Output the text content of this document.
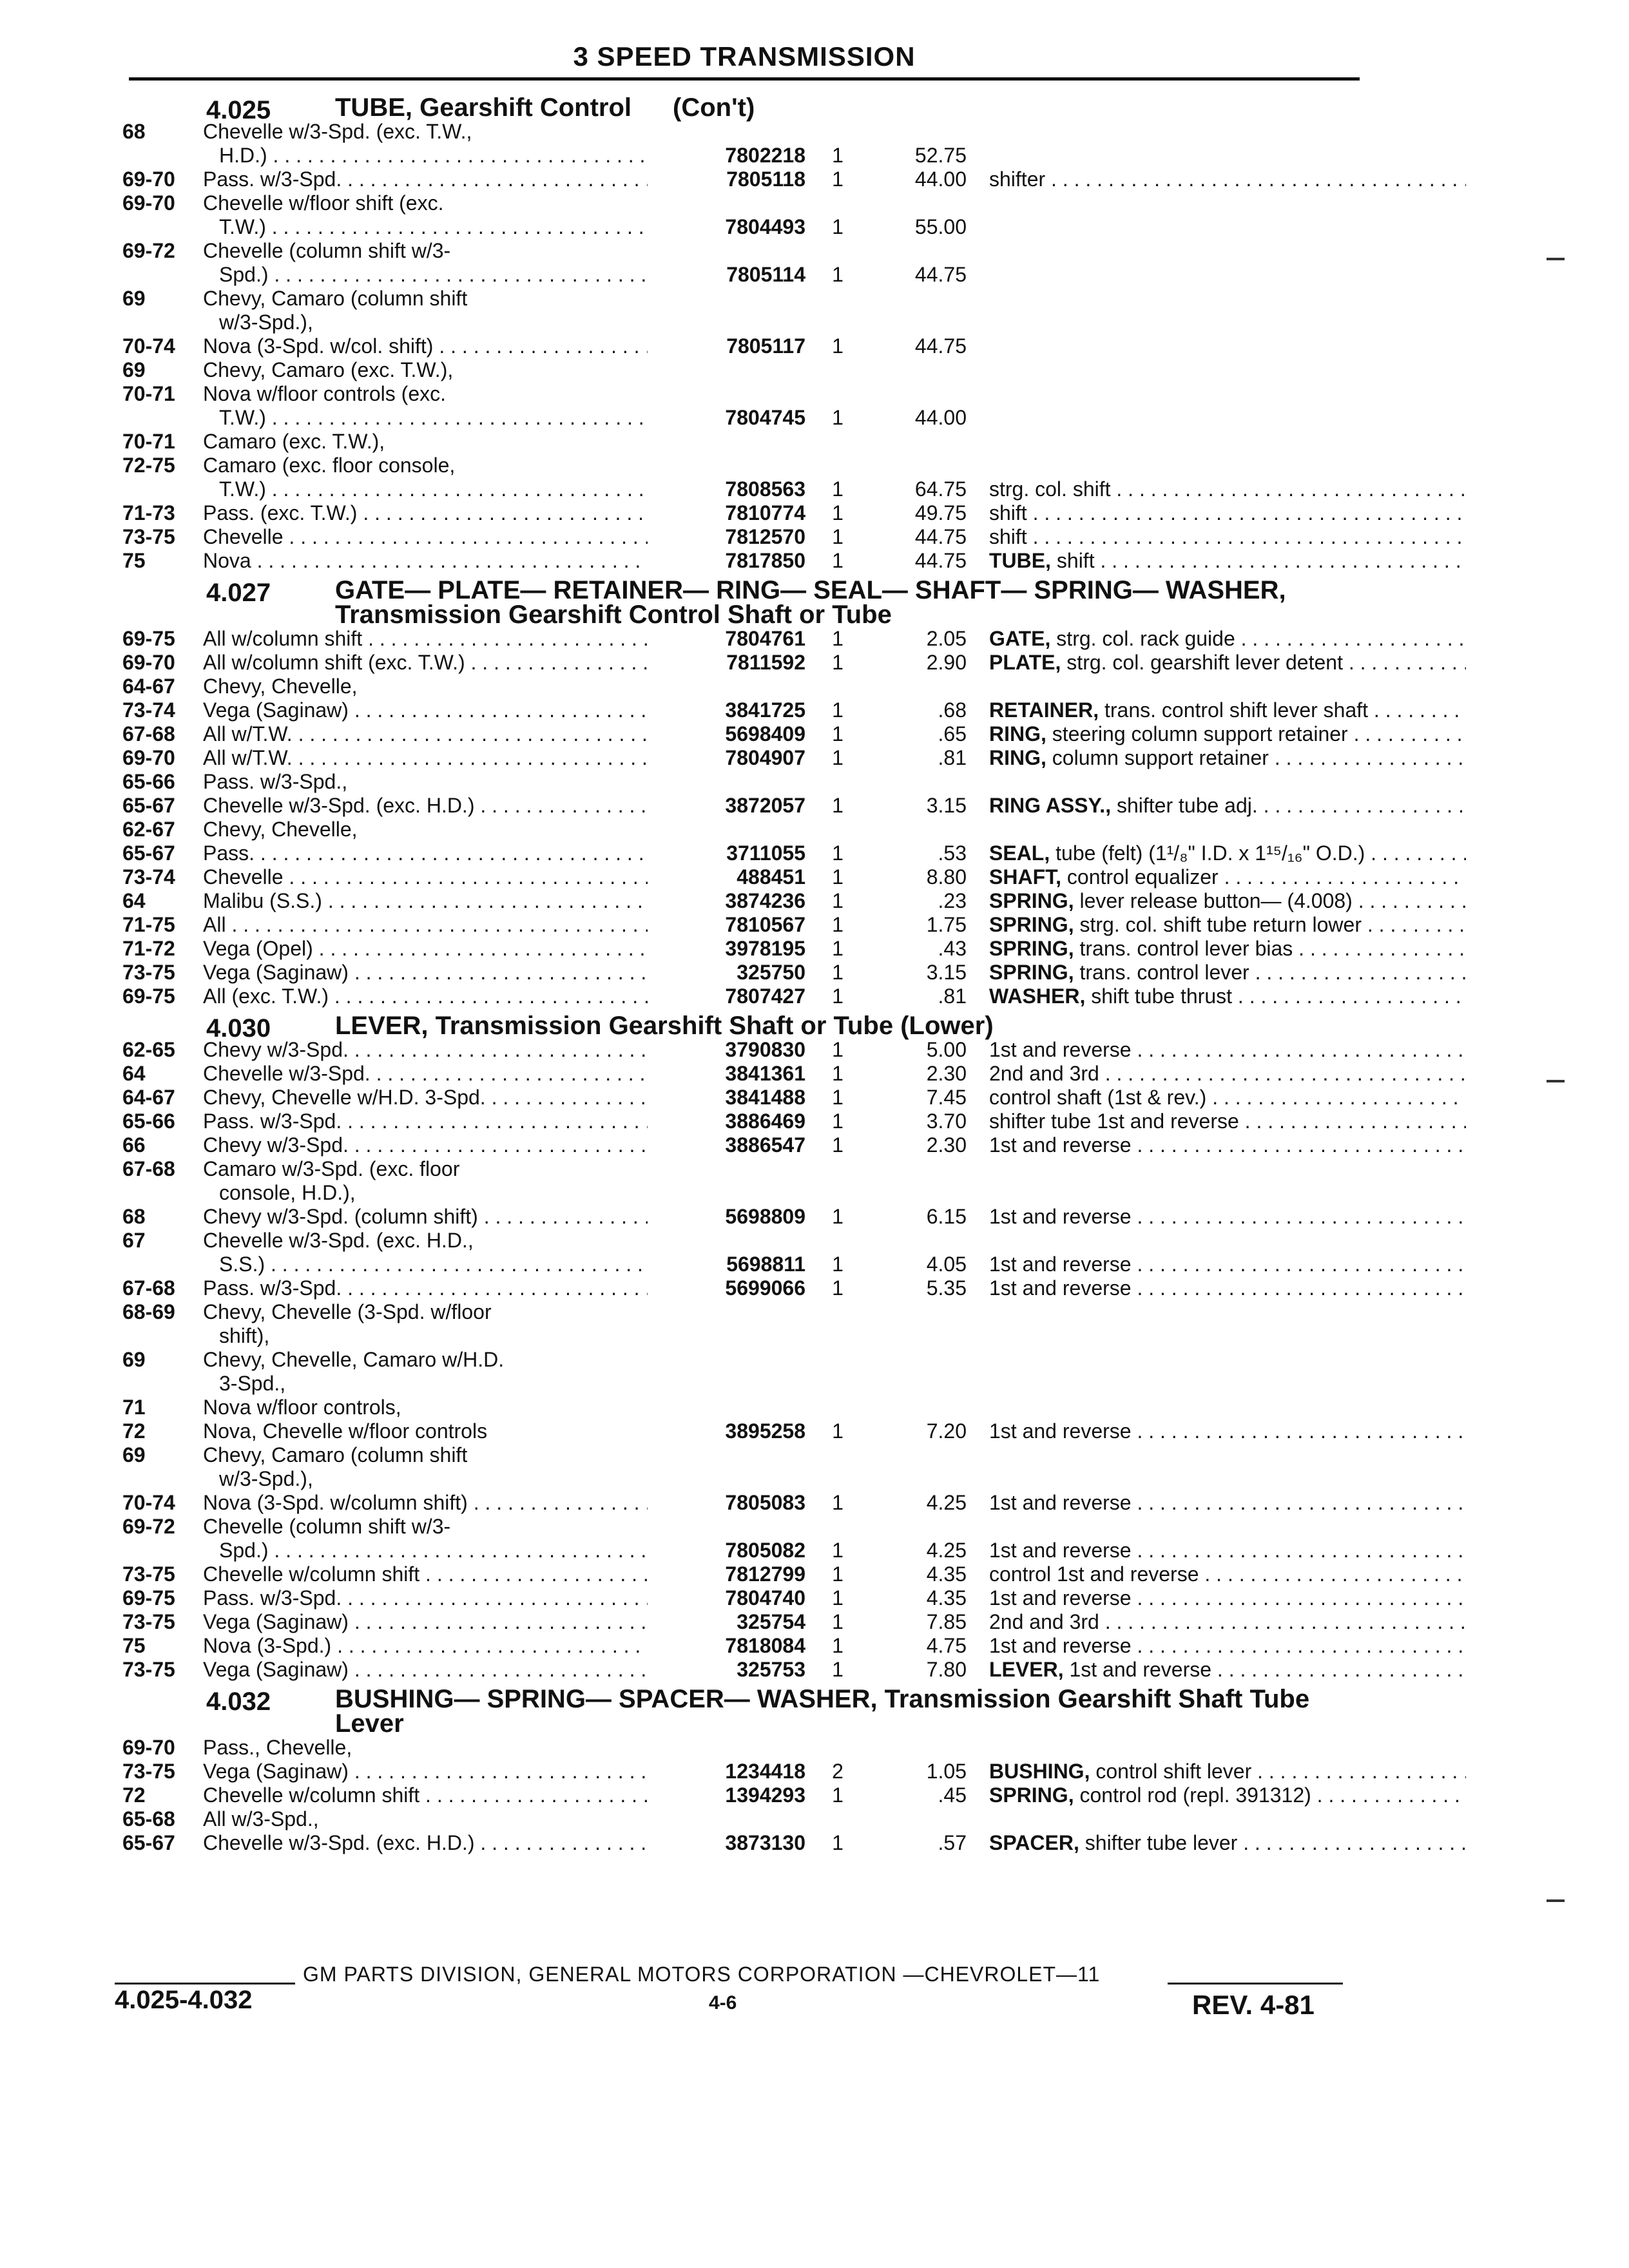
3 SPEED TRANSMISSION
4.025	TUBE, Gearshift Control (Con't)
68	Chevelle w/3-Spd. (exc. T.W.,
H.D.) . . .	7802218	1	52.75
69-70 Pass. w/3-Spd. . . .	7805118	1	44.00 shifter . . .
69-70 Chevelle w/floor shift (exc.
T.W.) . . .	7804493	1	55.00
69-72 Chevelle (column shift w/3-
Spd.) . . .	7805114	1	44.75
69	Chevy, Camaro (column shift
w/3-Spd.),
70-74 Nova (3-Spd. w/col. shift) . . .	7805117	1	44.75
69	Chevy, Camaro (exc. T.W.),
70-71 Nova w/floor controls (exc.
T.W.) . . .	7804745	1	44.00
70-71 Camaro (exc. T.W.),
72-75 Camaro (exc. floor console,
T.W.) . . .	7808563	1	64.75 strg. col. shift . . .
71-73 Pass. (exc. T.W.) . . .	7810774	1	49.75 shift . . .
73-75 Chevelle . . .	7812570	1	44.75 shift . . .
75	Nova . . .	7817850	1	44.75 TUBE, shift . . .
4.027	GATE— PLATE— RETAINER— RING— SEAL— SHAFT— SPRING— WASHER, Transmission Gearshift Control Shaft or Tube
69-75 All w/column shift . . .	7804761	1	2.05 GATE, strg. col. rack guide . . .
69-70 All w/column shift (exc. T.W.) . . .	7811592	1	2.90 PLATE, strg. col. gearshift lever detent . . .
64-67 Chevy, Chevelle,
73-74 Vega (Saginaw) . . .	3841725	1	.68 RETAINER, trans. control shift lever shaft . . .
67-68 All w/T.W. . . .	5698409	1	.65 RING, steering column support retainer . . .
69-70 All w/T.W. . . .	7804907	1	.81 RING, column support retainer . . .
65-66 Pass. w/3-Spd.,
65-67 Chevelle w/3-Spd. (exc. H.D.) . . .	3872057	1	3.15 RING ASSY., shifter tube adj. . . .
62-67 Chevy, Chevelle,
65-67 Pass. . . .	3711055	1	.53 SEAL, tube (felt) (1¹/₈" I.D. x 1¹⁵/₁₆" O.D.) . . .
73-74 Chevelle . . .	488451	1	8.80 SHAFT, control equalizer . . .
64	Malibu (S.S.) . . .	3874236	1	.23 SPRING, lever release button— (4.008) . . .
71-75 All . . .	7810567	1	1.75 SPRING, strg. col. shift tube return lower . . .
71-72 Vega (Opel) . . .	3978195	1	.43 SPRING, trans. control lever bias . . .
73-75 Vega (Saginaw) . . .	325750	1	3.15 SPRING, trans. control lever . . .
69-75 All (exc. T.W.) . . .	7807427	1	.81 WASHER, shift tube thrust . . .
4.030	LEVER, Transmission Gearshift Shaft or Tube (Lower)
62-65 Chevy w/3-Spd. . . .	3790830	1	5.00 1st and reverse . . .
64	Chevelle w/3-Spd. . . .	3841361	1	2.30 2nd and 3rd . . .
64-67 Chevy, Chevelle w/H.D. 3-Spd. . . .	3841488	1	7.45 control shaft (1st & rev.) . . .
65-66 Pass. w/3-Spd. . . .	3886469	1	3.70 shifter tube 1st and reverse . . .
66	Chevy w/3-Spd. . . .	3886547	1	2.30 1st and reverse . . .
67-68 Camaro w/3-Spd. (exc. floor
console, H.D.),
68	Chevy w/3-Spd. (column shift) . . .	5698809	1	6.15 1st and reverse . . .
67	Chevelle w/3-Spd. (exc. H.D.,
S.S.) . . .	5698811	1	4.05 1st and reverse . . .
67-68 Pass. w/3-Spd. . . .	5699066	1	5.35 1st and reverse . . .
68-69 Chevy, Chevelle (3-Spd. w/floor
shift),
69	Chevy, Chevelle, Camaro w/H.D.
3-Spd.,
71	Nova w/floor controls,
72	Nova, Chevelle w/floor controls	3895258	1	7.20 1st and reverse . . .
69	Chevy, Camaro (column shift
w/3-Spd.),
70-74 Nova (3-Spd. w/column shift) . . .	7805083	1	4.25 1st and reverse . . .
69-72 Chevelle (column shift w/3-
Spd.) . . .	7805082	1	4.25 1st and reverse . . .
73-75 Chevelle w/column shift . . .	7812799	1	4.35 control 1st and reverse . . .
69-75 Pass. w/3-Spd. . . .	7804740	1	4.35 1st and reverse . . .
73-75 Vega (Saginaw) . . .	325754	1	7.85 2nd and 3rd . . .
75	Nova (3-Spd.) . . .	7818084	1	4.75 1st and reverse . . .
73-75 Vega (Saginaw) . . .	325753	1	7.80 LEVER, 1st and reverse . . .
4.032	BUSHING— SPRING— SPACER— WASHER, Transmission Gearshift Shaft Tube Lever
69-70 Pass., Chevelle,
73-75 Vega (Saginaw) . . .	1234418	2	1.05 BUSHING, control shift lever . . .
72	Chevelle w/column shift . . .	1394293	1	.45 SPRING, control rod (repl. 391312) . . .
65-68 All w/3-Spd.,
65-67 Chevelle w/3-Spd. (exc. H.D.) . . .	3873130	1	.57 SPACER, shifter tube lever . . .
GM PARTS DIVISION, GENERAL MOTORS CORPORATION —CHEVROLET—11
4.025-4.032	4-6	REV. 4-81
